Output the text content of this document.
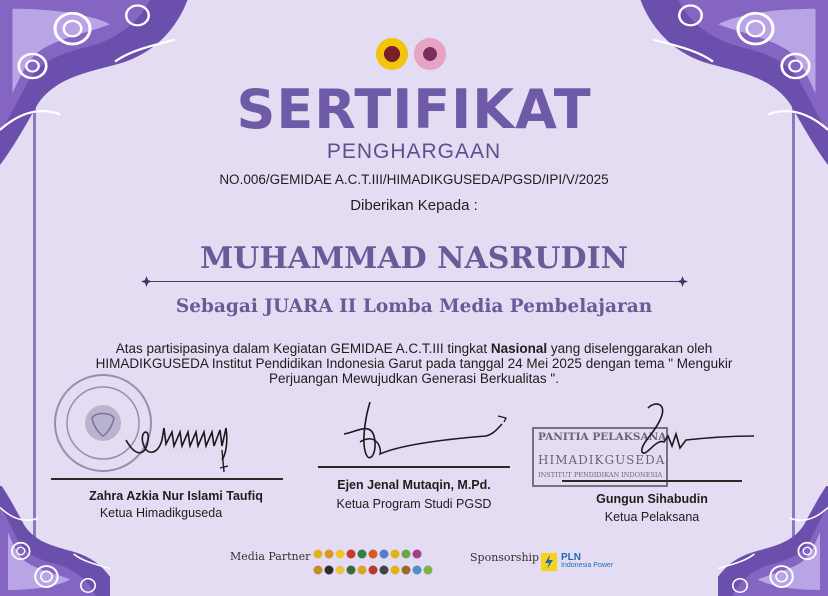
SERTIFIKAT
PENGHARGAAN
NO.006/GEMIDAE A.C.T.III/HIMADIKGUSEDA/PGSD/IPI/V/2025
Diberikan Kepada :
MUHAMMAD NASRUDIN
Sebagai JUARA II Lomba Media Pembelajaran
Atas partisipasinya dalam Kegiatan GEMIDAE A.C.T.III tingkat Nasional yang diselenggarakan oleh HIMADIKGUSEDA Institut Pendidikan Indonesia Garut pada tanggal 24 Mei 2025 dengan tema " Mengukir Perjuangan Mewujudkan Generasi Berkualitas ".
PANITIA PELAKSANA
HIMADIKGUSEDA
INSTITUT PENDIDIKAN INDONESIA
Zahra Azkia Nur Islami Taufiq
Ketua Himadikguseda
Ejen Jenal Mutaqin, M.Pd.
Ketua Program Studi PGSD	Gungun Sihabudin
Ketua Pelaksana
Media Partner	Sponsorship PLN
Indonesia Power
